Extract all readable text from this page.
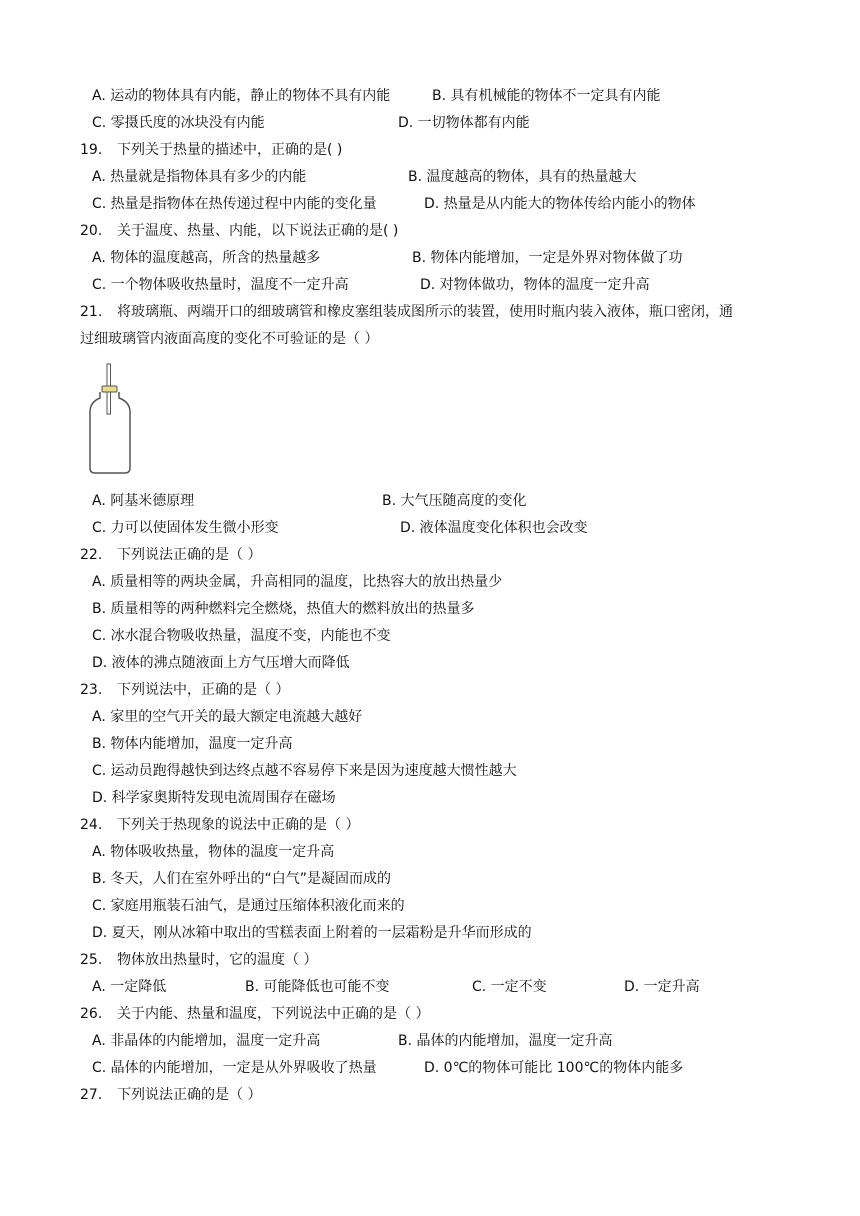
A. 运动的物体具有内能，静止的物体不具有内能	B. 具有机械能的物体不一定具有内能
C. 零摄氏度的冰块没有内能	D. 一切物体都有内能
19. 下列关于热量的描述中，正确的是( )
A. 热量就是指物体具有多少的内能	B. 温度越高的物体，具有的热量越大
C. 热量是指物体在热传递过程中内能的变化量	D. 热量是从内能大的物体传给内能小的物体
20. 关于温度、热量、内能，以下说法正确的是( )
A. 物体的温度越高，所含的热量越多	B. 物体内能增加，一定是外界对物体做了功
C. 一个物体吸收热量时，温度不一定升高	D. 对物体做功，物体的温度一定升高
21. 将玻璃瓶、两端开口的细玻璃管和橡皮塞组装成图所示的装置，使用时瓶内装入液体，瓶口密闭，通
过细玻璃管内液面高度的变化不可验证的是（ ）
A. 阿基米德原理	B. 大气压随高度的变化
C. 力可以使固体发生微小形变	D. 液体温度变化体积也会改变
22. 下列说法正确的是（ ）
A. 质量相等的两块金属，升高相同的温度，比热容大的放出热量少
B. 质量相等的两种燃料完全燃烧，热值大的燃料放出的热量多
C. 冰水混合物吸收热量，温度不变，内能也不变
D. 液体的沸点随液面上方气压增大而降低
23. 下列说法中，正确的是（ ）
A. 家里的空气开关的最大额定电流越大越好
B. 物体内能增加，温度一定升高
C. 运动员跑得越快到达终点越不容易停下来是因为速度越大惯性越大
D. 科学家奥斯特发现电流周围存在磁场
24. 下列关于热现象的说法中正确的是（ ）
A. 物体吸收热量，物体的温度一定升高
B. 冬天，人们在室外呼出的“白气”是凝固而成的
C. 家庭用瓶装石油气，是通过压缩体积液化而来的
D. 夏天，刚从冰箱中取出的雪糕表面上附着的一层霜粉是升华而形成的
25. 物体放出热量时，它的温度（ ）
A. 一定降低	B. 可能降低也可能不变	C. 一定不变	D. 一定升高
26. 关于内能、热量和温度，下列说法中正确的是（ ）
A. 非晶体的内能增加，温度一定升高	B. 晶体的内能增加，温度一定升高
C. 晶体的内能增加，一定是从外界吸收了热量	D. 0℃的物体可能比 100℃的物体内能多
27. 下列说法正确的是（ ）
